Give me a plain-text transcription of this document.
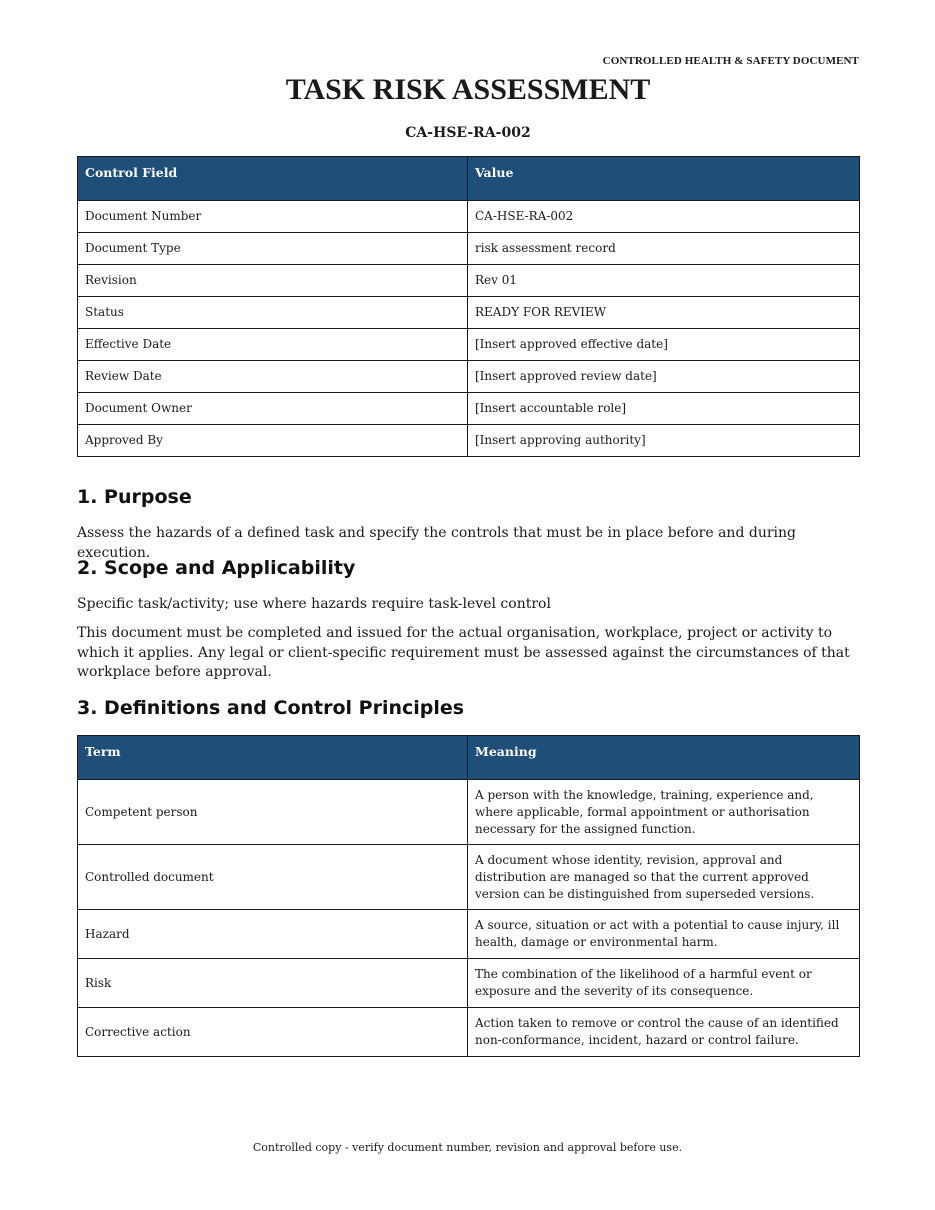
CONTROLLED HEALTH & SAFETY DOCUMENT
TASK RISK ASSESSMENT
CA-HSE-RA-002
Control Field	Value
Document Number	CA-HSE-RA-002
Document Type	risk assessment record
Revision	Rev 01
Status	READY FOR REVIEW
Effective Date	[Insert approved effective date]
Review Date	[Insert approved review date]
Document Owner	[Insert accountable role]
Approved By	[Insert approving authority]
1. Purpose

Assess the hazards of a defined task and specify the controls that must be in place before and during execution.

2. Scope and Applicability

Specific task/activity; use where hazards require task-level control

This document must be completed and issued for the actual organisation, workplace, project or activity to which it applies. Any legal or client-specific requirement must be assessed against the circumstances of that workplace before approval.

3. Definitions and Control Principles
Term	Meaning
Competent person	A person with the knowledge, training, experience and, where applicable, formal appointment or authorisation necessary for the assigned function.
Controlled document	A document whose identity, revision, approval and distribution are managed so that the current approved version can be distinguished from superseded versions.
Hazard	A source, situation or act with a potential to cause injury, ill health, damage or environmental harm.
Risk	The combination of the likelihood of a harmful event or exposure and the severity of its consequence.
Corrective action	Action taken to remove or control the cause of an identified non-conformance, incident, hazard or control failure.
Controlled copy - verify document number, revision and approval before use.
